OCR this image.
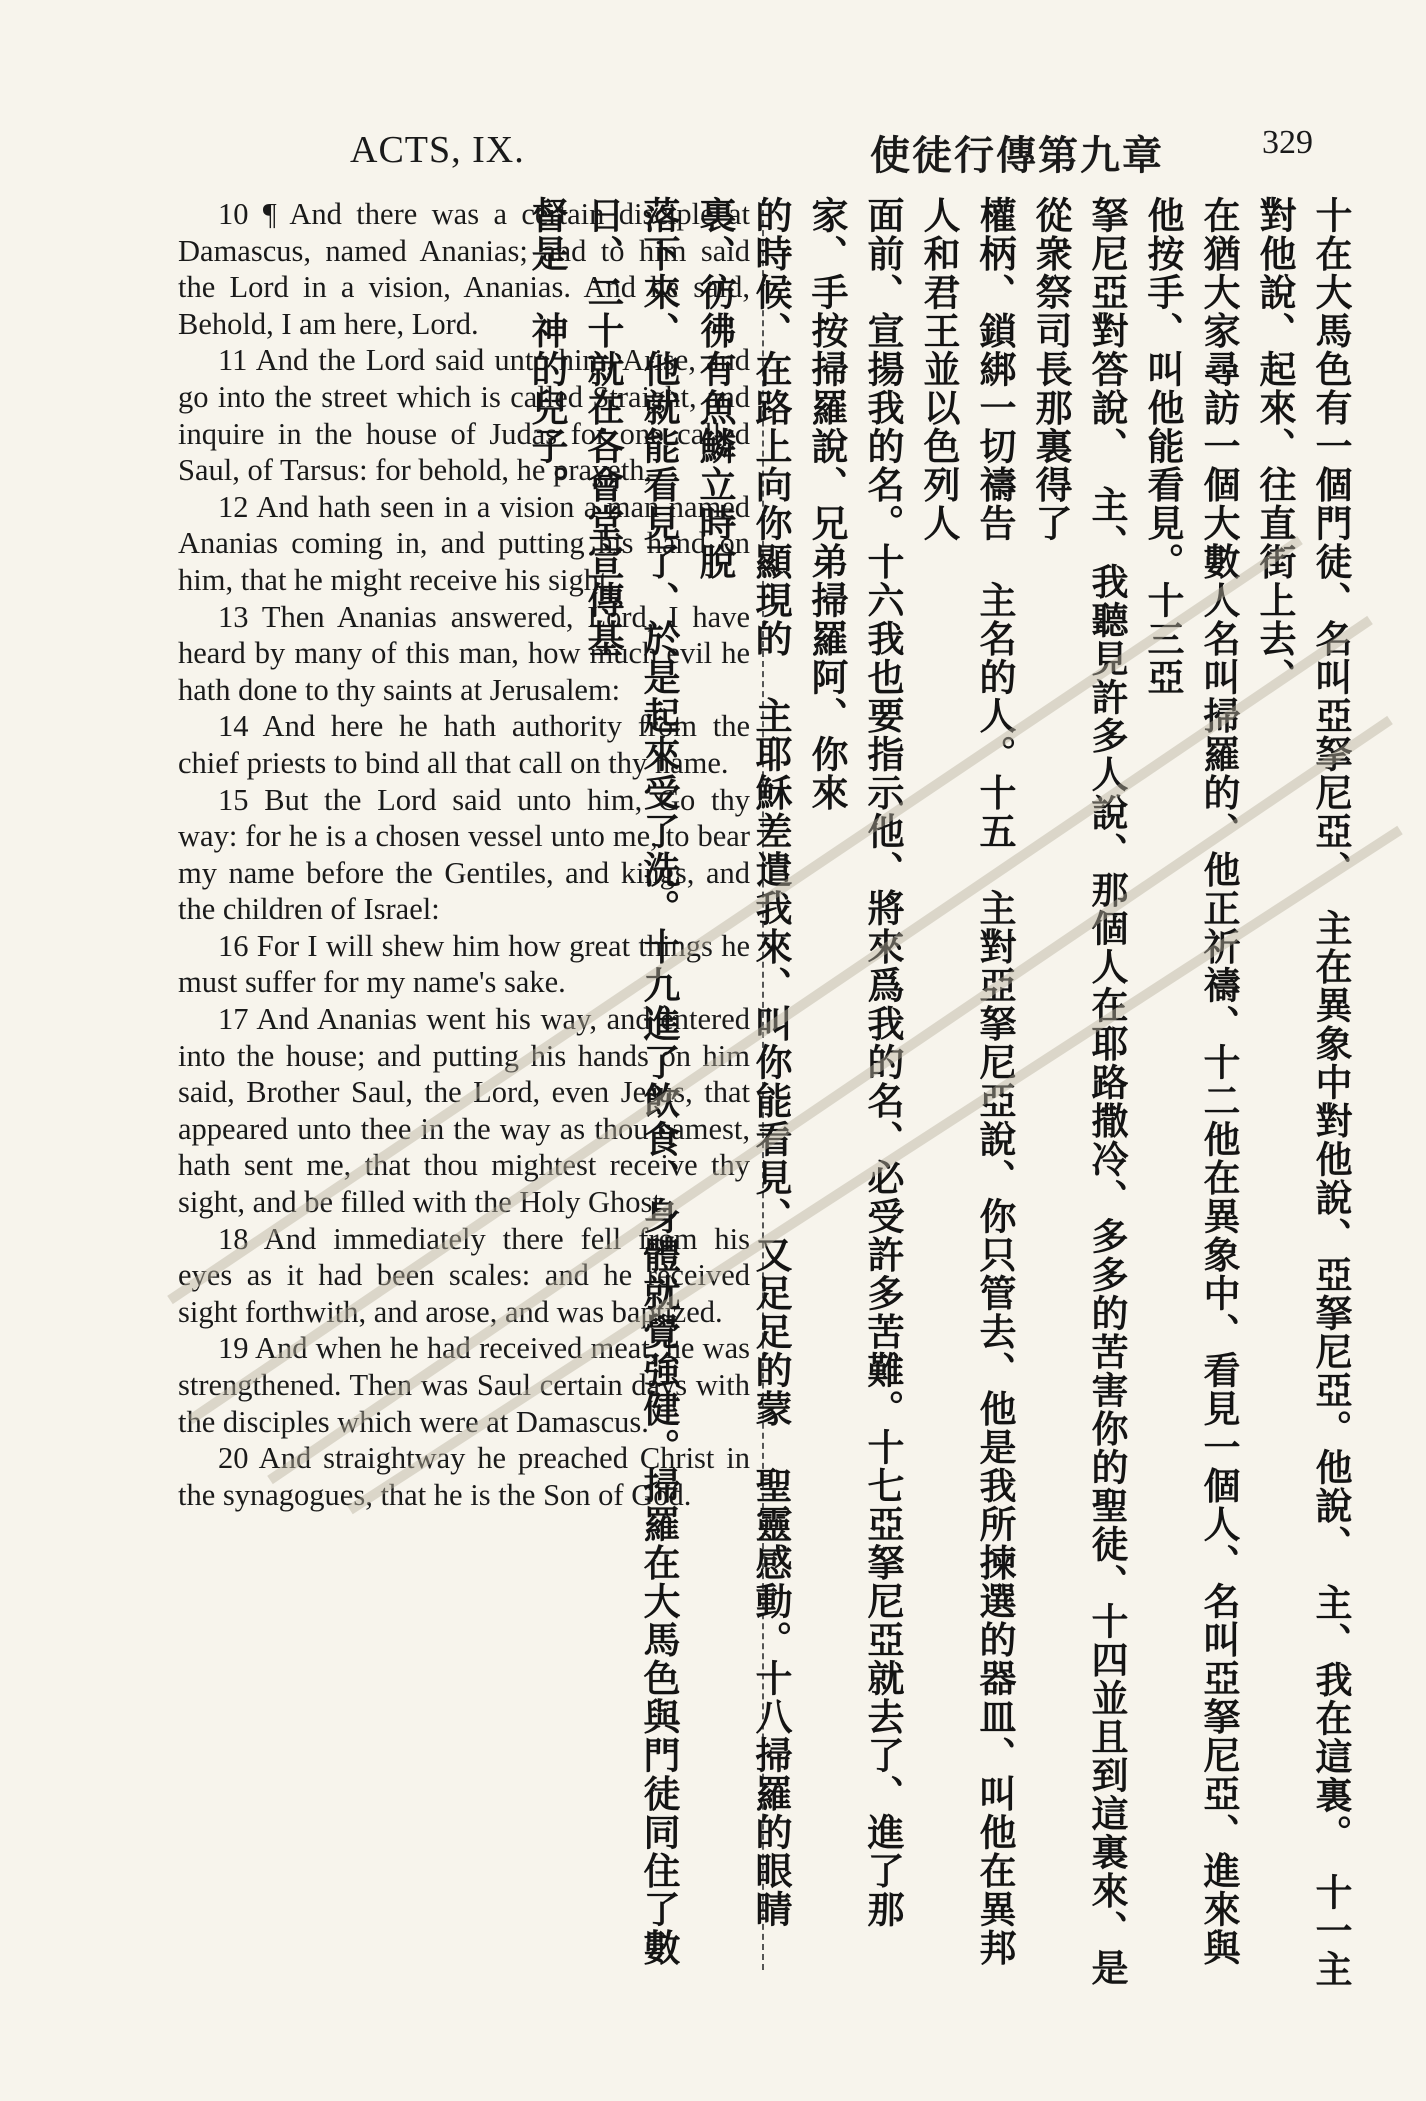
ACTS, IX.	使徒行傳第九章	329
10 ¶ And there was a certain disciple at Damascus, named Ananias; and to him said the Lord in a vision, Ananias. And he said, Behold, I am here, Lord.
11 And the Lord said unto him, Arise, and go into the street which is called Straight, and inquire in the house of Judas for one called Saul, of Tarsus: for behold, he prayeth,
12 And hath seen in a vision a man named Ananias coming in, and putting his hand on him, that he might receive his sight.
13 Then Ananias answered, Lord, I have heard by many of this man, how much evil he hath done to thy saints at Jerusalem:
14 And here he hath authority from the chief priests to bind all that call on thy name.
15 But the Lord said unto him, Go thy way: for he is a chosen vessel unto me, to bear my name before the Gentiles, and kings, and the children of Israel:
16 For I will shew him how great things he must suffer for my name's sake.
17 And Ananias went his way, and entered into the house; and putting his hands on him said, Brother Saul, the Lord, even Jesus, that appeared unto thee in the way as thou camest, hath sent me, that thou mightest receive thy sight, and be filled with the Holy Ghost.
18 And immediately there fell from his eyes as it had been scales: and he received sight forthwith, and arose, and was baptized.
19 And when he had received meat, he was strengthened. Then was Saul certain days with the disciples which were at Damascus.
20 And straightway he preached Christ in the synagogues, that he is the Son of God.	十在大馬色有一個門徒、名叫亞拏尼亞、　主在異象中對他說、亞拏尼亞。他說、　主、我在這裏。　十一主對他說、起來、往直街上去、

在猶大家尋訪一個大數人名叫掃羅的、他正祈禱、十二他在異象中、看見一個人、名叫亞拏尼亞、進來與他按手、叫他能看見。十三亞

拏尼亞對答說、　主、我聽見許多人說、那個人在耶路撒冷、多多的苦害你的聖徒、十四並且到這裏來、是從衆祭司長那裏得了

權柄、鎖綁一切禱告　主名的人。十五　主對亞拏尼亞說、你只管去、他是我所揀選的器皿、叫他在異邦人和君王並以色列人

面前、宣揚我的名。十六我也要指示他、將來爲我的名、必受許多苦難。十七亞拏尼亞就去了、進了那家、手按掃羅說、兄弟掃羅阿、你來

的時候、在路上向你顯現的　主耶穌差遣我來、叫你能看見、又足足的蒙　聖靈感動。十八掃羅的眼睛裏、彷彿有魚鱗立時脫

落下來、他就能看見了、於是起來受了洗。十九進了飲食、身體就覺強健。掃羅在大馬色與門徒同住了數日、二十就在各會堂宣傳基

督是　神的兒子。
